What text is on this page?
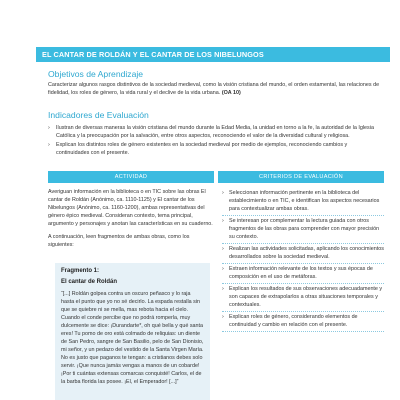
EL CANTAR DE ROLDÁN Y EL CANTAR DE LOS NIBELUNGOS
Objetivos de Aprendizaje
Caracterizar algunos rasgos distintivos de la sociedad medieval, como la visión cristiana del mundo, el orden estamental, las relaciones de fidelidad, los roles de género, la vida rural y el declive de la vida urbana. (OA 10)
Indicadores de Evaluación
› Ilustran de diversas maneras la visión cristiana del mundo durante la Edad Media, la unidad en torno a la fe, la autoridad de la Iglesia Católica y la preocupación por la salvación, entre otros aspectos, reconociendo el valor de la diversidad cultural y religiosa.
› Explican los distintos roles de género existentes en la sociedad medieval por medio de ejemplos, reconociendo cambios y continuidades con el presente.
ACTIVIDAD	CRITERIOS DE EVALUACIÓN

Averiguan información en la biblioteca o en TIC sobre las obras El cantar de Roldán (Anónimo, ca. 1110-1125) y El cantar de los Nibelungos (Anónimo, ca. 1160-1200), ambas representativas del género épico medieval. Consideran contexto, tema principal, argumento y personajes y anotan las características en su cuaderno.

A continuación, leen fragmentos de ambas obras, como los siguientes:

Fragmento 1:
El cantar de Roldán
“[...] Roldán golpea contra un oscuro peñasco y lo raja hasta el punto que yo no sé decirlo. La espada restalla sin que se quiebre ni se mella, mas rebota hacia el cielo. Cuando el conde percibe que no podrá romperla, muy dulcemente se dice: ¡Durandarte*, oh qué bella y qué santa eres! Tu pomo de oro está colmado de reliquias: un diente de San Pedro, sangre de San Basilio, pelo de San Dionisio, mi señor, y un pedazo del vestido de la Santa Virgen María. No es justo que paganos te tengan: a cristianos debes solo servir. ¡Que nunca jamás vengas a manos de un cobarde! ¡Por ti cuántas extensas comarcas conquisté! Carlos, el de la barba florida las posee. ¡El, el Emperador! [...]”
› Seleccionan información pertinente en la biblioteca del establecimiento o en TIC, e identifican los aspectos necesarios para contextualizar ambas obras.
› Se interesan por complementar la lectura guiada con otros fragmentos de las obras para comprender con mayor precisión su contexto.
› Realizan las actividades solicitadas, aplicando los conocimientos desarrollados sobre la sociedad medieval.
› Extraen información relevante de los textos y sus épocas de composición en el uso de metáforas.
› Explican los resultados de sus observaciones adecuadamente y son capaces de extrapolarlos a otras situaciones temporales y contextuales.
› Explican roles de género, considerando elementos de continuidad y cambio en relación con el presente.
